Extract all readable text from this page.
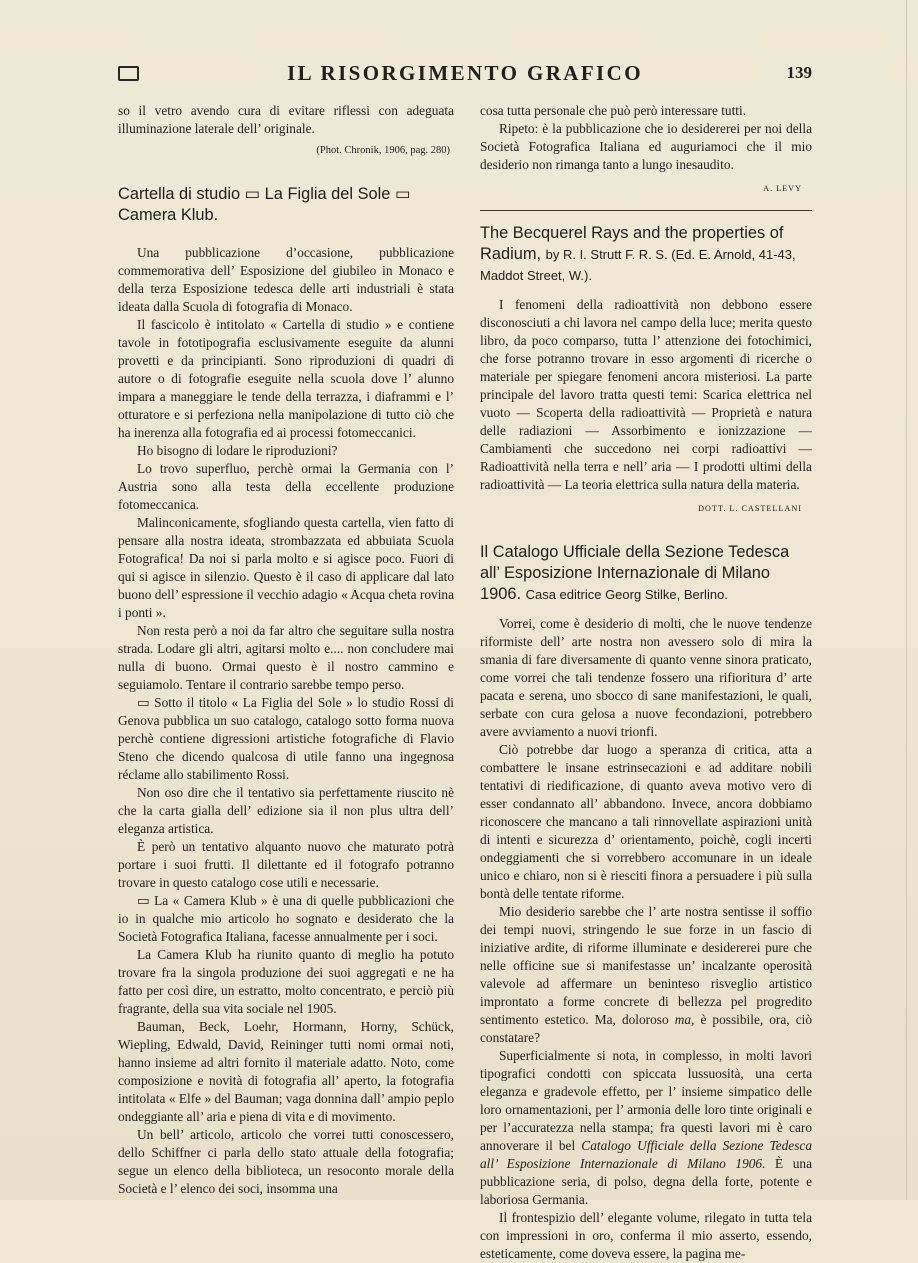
IL RISORGIMENTO GRAFICO	139

so il vetro avendo cura di evitare riflessi con adeguata illuminazione laterale dell’ originale.

(Phot. Chronik, 1906, pag. 280)
Cartella di studio ▭ La Figlia del Sole ▭ Camera Klub.

Una pubblicazione d’occasione, pubblicazione commemorativa dell’ Esposizione del giubileo in Monaco e della terza Esposizione tedesca delle arti industriali è stata ideata dalla Scuola di fotografia di Monaco.

Il fascicolo è intitolato « Cartella di studio » e contiene tavole in fototipografia esclusivamente eseguite da alunni provetti e da principianti. Sono riproduzioni di quadri di autore o di fotografie eseguite nella scuola dove l’ alunno impara a maneggiare le tende della terrazza, i diaframmi e l’ otturatore e si perfeziona nella manipolazione di tutto ciò che ha inerenza alla fotografia ed ai processi fotomeccanici.

Ho bisogno di lodare le riproduzioni?

Lo trovo superfluo, perchè ormai la Germania con l’ Austria sono alla testa della eccellente produzione fotomeccanica.

Malinconicamente, sfogliando questa cartella, vien fatto di pensare alla nostra ideata, strombazzata ed abbuiata Scuola Fotografica! Da noi si parla molto e si agisce poco. Fuori di qui si agisce in silenzio. Questo è il caso di applicare dal lato buono dell’ espressione il vecchio adagio « Acqua cheta rovina i ponti ».

Non resta però a noi da far altro che seguitare sulla nostra strada. Lodare gli altri, agitarsi molto e.... non concludere mai nulla di buono. Ormai questo è il nostro cammino e seguiamolo. Tentare il contrario sarebbe tempo perso.

▭ Sotto il titolo « La Figlia del Sole » lo studio Rossi di Genova pubblica un suo catalogo, catalogo sotto forma nuova perchè contiene digressioni artistiche fotografiche di Flavio Steno che dicendo qualcosa di utile fanno una ingegnosa réclame allo stabilimento Rossi.

Non oso dire che il tentativo sia perfettamente riuscito nè che la carta gialla dell’ edizione sia il non plus ultra dell’ eleganza artistica.

È però un tentativo alquanto nuovo che maturato potrà portare i suoi frutti. Il dilettante ed il fotografo potranno trovare in questo catalogo cose utili e necessarie.

▭ La « Camera Klub » è una di quelle pubblicazioni che io in qualche mio articolo ho sognato e desiderato che la Società Fotografica Italiana, facesse annualmente per i soci.

La Camera Klub ha riunito quanto di meglio ha potuto trovare fra la singola produzione dei suoi aggregati e ne ha fatto per così dire, un estratto, molto concentrato, e perciò più fragrante, della sua vita sociale nel 1905.

Bauman, Beck, Loehr, Hormann, Horny, Schück, Wiepling, Edwald, David, Reininger tutti nomi ormai noti, hanno insieme ad altri fornito il materiale adatto. Noto, come composizione e novità di fotografia all’ aperto, la fotografia intitolata « Elfe » del Bauman; vaga donnina dall’ ampio peplo ondeggiante all’ aria e piena di vita e di movimento.

Un bell’ articolo, articolo che vorrei tutti conoscessero, dello Schiffner ci parla dello stato attuale della fotografia; segue un elenco della biblioteca, un resoconto morale della Società e l’ elenco dei soci, insomma una

cosa tutta personale che può però interessare tutti.

Ripeto: è la pubblicazione che io desidererei per noi della Società Fotografica Italiana ed auguriamoci che il mio desiderio non rimanga tanto a lungo inesaudito.

A. LEVY
The Becquerel Rays and the properties of Radium, by R. I. Strutt F. R. S. (Ed. E. Arnold, 41-43, Maddot Street, W.).

I fenomeni della radioattività non debbono essere disconosciuti a chi lavora nel campo della luce; merita questo libro, da poco comparso, tutta l’ attenzione dei fotochimici, che forse potranno trovare in esso argomenti di ricerche o materiale per spiegare fenomeni ancora misteriosi. La parte principale del lavoro tratta questi temi: Scarica elettrica nel vuoto — Scoperta della radioattività — Proprietà e natura delle radiazioni — Assorbimento e ionizzazione — Cambiamenti che succedono nei corpi radioattivi — Radioattività nella terra e nell’ aria — I prodotti ultimi della radioattività — La teoria elettrica sulla natura della materia.

DOTT. L. CASTELLANI
Il Catalogo Ufficiale della Sezione Tedesca all’ Esposizione Internazionale di Milano 1906. Casa editrice Georg Stilke, Berlino.

Vorrei, come è desiderio di molti, che le nuove tendenze riformiste dell’ arte nostra non avessero solo di mira la smania di fare diversamente di quanto venne sinora praticato, come vorrei che tali tendenze fossero una rifioritura d’ arte pacata e serena, uno sbocco di sane manifestazioni, le quali, serbate con cura gelosa a nuove fecondazioni, potrebbero avere avviamento a nuovi trionfi.

Ciò potrebbe dar luogo a speranza di critica, atta a combattere le insane estrinsecazioni e ad additare nobili tentativi di riedificazione, di quanto aveva motivo vero di esser condannato all’ abbandono. Invece, ancora dobbiamo riconoscere che mancano a tali rinnovellate aspirazioni unità di intenti e sicurezza d’ orientamento, poichè, cogli incerti ondeggiamenti che si vorrebbero accomunare in un ideale unico e chiaro, non si è riesciti finora a persuadere i più sulla bontà delle tentate riforme.

Mio desiderio sarebbe che l’ arte nostra sentisse il soffio dei tempi nuovi, stringendo le sue forze in un fascio di iniziative ardite, di riforme illuminate e desidererei pure che nelle officine sue si manifestasse un’ incalzante operosità valevole ad affermare un beninteso risveglio artistico improntato a forme concrete di bellezza pel progredito sentimento estetico. Ma, doloroso ma, è possibile, ora, ciò constatare?

Superficialmente si nota, in complesso, in molti lavori tipografici condotti con spiccata lussuosità, una certa eleganza e gradevole effetto, per l’ insieme simpatico delle loro ornamentazioni, per l’ armonia delle loro tinte originali e per l’accuratezza nella stampa; fra questi lavori mi è caro annoverare il bel Catalogo Ufficiale della Sezione Tedesca all’ Esposizione Internazionale di Milano 1906. È una pubblicazione seria, di polso, degna della forte, potente e laboriosa Germania.

Il frontespizio dell’ elegante volume, rilegato in tutta tela con impressioni in oro, conferma il mio asserto, essendo, esteticamente, come doveva essere, la pagina me-
